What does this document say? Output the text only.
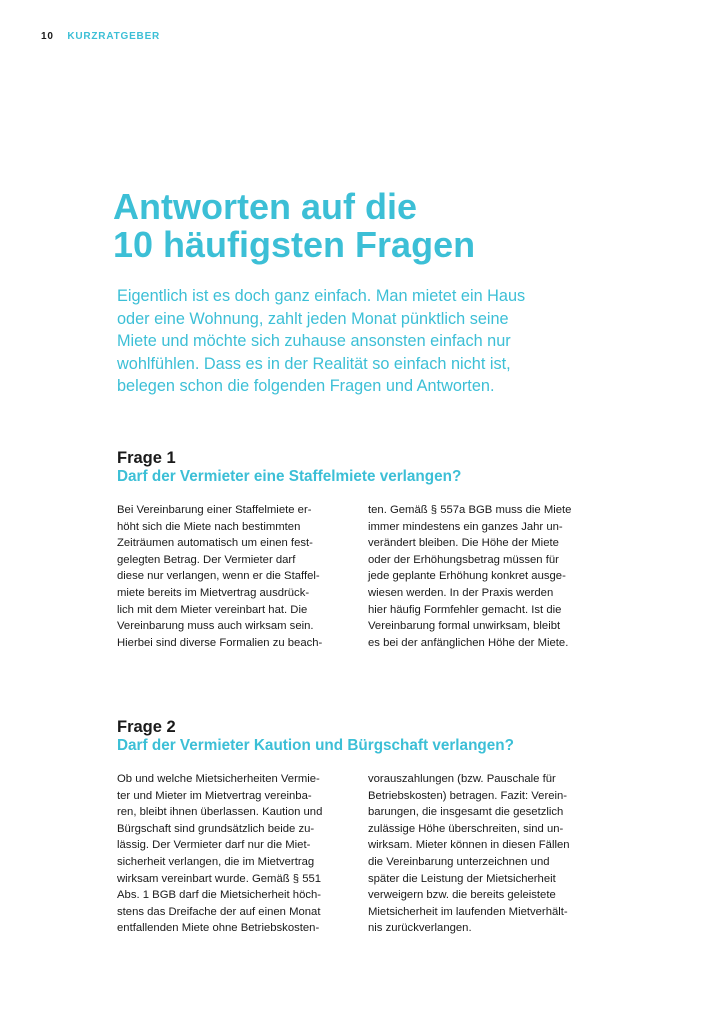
10 KURZRATGEBER
Antworten auf die
10 häufigsten Fragen

Eigentlich ist es doch ganz einfach. Man mietet ein Haus
oder eine Wohnung, zahlt jeden Monat pünktlich seine
Miete und möchte sich zuhause ansonsten einfach nur
wohlfühlen. Dass es in der Realität so einfach nicht ist,
belegen schon die folgenden Fragen und Antworten.

Frage 1
Darf der Vermieter eine Staffelmiete verlangen?
Bei Vereinbarung einer Staffelmiete er-
höht sich die Miete nach bestimmten
Zeiträumen automatisch um einen fest-
gelegten Betrag. Der Vermieter darf
diese nur verlangen, wenn er die Staffel-
miete bereits im Mietvertrag ausdrück-
lich mit dem Mieter vereinbart hat. Die
Vereinbarung muss auch wirksam sein.
Hierbei sind diverse Formalien zu beach-
ten. Gemäß § 557a BGB muss die Miete
immer mindestens ein ganzes Jahr un-
verändert bleiben. Die Höhe der Miete
oder der Erhöhungsbetrag müssen für
jede geplante Erhöhung konkret ausge-
wiesen werden. In der Praxis werden
hier häufig Formfehler gemacht. Ist die
Vereinbarung formal unwirksam, bleibt
es bei der anfänglichen Höhe der Miete.
Frage 2
Darf der Vermieter Kaution und Bürgschaft verlangen?
Ob und welche Mietsicherheiten Vermie-
ter und Mieter im Mietvertrag vereinba-
ren, bleibt ihnen überlassen. Kaution und
Bürgschaft sind grundsätzlich beide zu-
lässig. Der Vermieter darf nur die Miet-
sicherheit verlangen, die im Mietvertrag
wirksam vereinbart wurde. Gemäß § 551
Abs. 1 BGB darf die Mietsicherheit höch-
stens das Dreifache der auf einen Monat
entfallenden Miete ohne Betriebskosten-
vorauszahlungen (bzw. Pauschale für
Betriebskosten) betragen. Fazit: Verein-
barungen, die insgesamt die gesetzlich
zulässige Höhe überschreiten, sind un-
wirksam. Mieter können in diesen Fällen
die Vereinbarung unterzeichnen und
später die Leistung der Mietsicherheit
verweigern bzw. die bereits geleistete
Mietsicherheit im laufenden Mietverhält-
nis zurückverlangen.
